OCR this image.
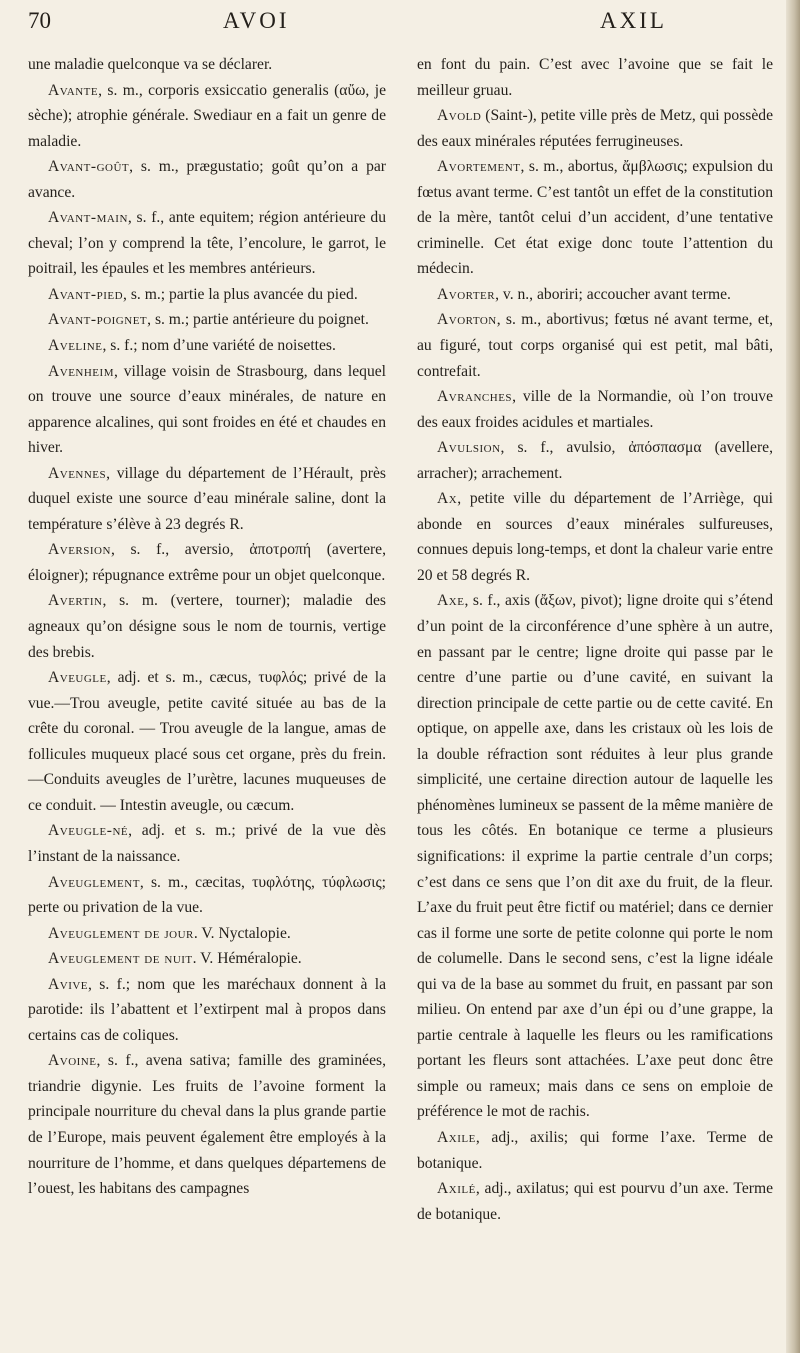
70	AVOI	AXIL

une maladie quelconque va se déclarer.

Avante, s. m., corporis exsiccatio generalis (αὔω, je sèche); atrophie générale. Swediaur en a fait un genre de maladie.

Avant-goût, s. m., prægustatio; goût qu’on a par avance.

Avant-main, s. f., ante equitem; région antérieure du cheval; l’on y comprend la tête, l’encolure, le garrot, le poitrail, les épaules et les membres antérieurs.

Avant-pied, s. m.; partie la plus avancée du pied.

Avant-poignet, s. m.; partie antérieure du poignet.

Aveline, s. f.; nom d’une variété de noisettes.

Avenheim, village voisin de Strasbourg, dans lequel on trouve une source d’eaux minérales, de nature en apparence alcalines, qui sont froides en été et chaudes en hiver.

Avennes, village du département de l’Hérault, près duquel existe une source d’eau minérale saline, dont la température s’élève à 23 degrés R.

Aversion, s. f., aversio, ἀποτροπή (avertere, éloigner); répugnance extrême pour un objet quelconque.

Avertin, s. m. (vertere, tourner); maladie des agneaux qu’on désigne sous le nom de tournis, vertige des brebis.

Aveugle, adj. et s. m., cæcus, τυφλός; privé de la vue.—Trou aveugle, petite cavité située au bas de la crête du coronal. — Trou aveugle de la langue, amas de follicules muqueux placé sous cet organe, près du frein.—Conduits aveugles de l’urètre, lacunes muqueuses de ce conduit. — Intestin aveugle, ou cæcum.

Aveugle-né, adj. et s. m.; privé de la vue dès l’instant de la naissance.

Aveuglement, s. m., cæcitas, τυφλότης, τύφλωσις; perte ou privation de la vue.

Aveuglement de jour. V. Nyctalopie.

Aveuglement de nuit. V. Héméralopie.

Avive, s. f.; nom que les maréchaux donnent à la parotide: ils l’abattent et l’extirpent mal à propos dans certains cas de coliques.

Avoine, s. f., avena sativa; famille des graminées, triandrie digynie. Les fruits de l’avoine forment la principale nourriture du cheval dans la plus grande partie de l’Europe, mais peuvent également être employés à la nourriture de l’homme, et dans quelques départemens de l’ouest, les habitans des campagnes

en font du pain. C’est avec l’avoine que se fait le meilleur gruau.

Avold (Saint-), petite ville près de Metz, qui possède des eaux minérales réputées ferrugineuses.

Avortement, s. m., abortus, ἄμβλωσις; expulsion du fœtus avant terme. C’est tantôt un effet de la constitution de la mère, tantôt celui d’un accident, d’une tentative criminelle. Cet état exige donc toute l’attention du médecin.

Avorter, v. n., aboriri; accoucher avant terme.

Avorton, s. m., abortivus; fœtus né avant terme, et, au figuré, tout corps organisé qui est petit, mal bâti, contrefait.

Avranches, ville de la Normandie, où l’on trouve des eaux froides acidules et martiales.

Avulsion, s. f., avulsio, ἀπόσπασμα (avellere, arracher); arrachement.

Ax, petite ville du département de l’Arriège, qui abonde en sources d’eaux minérales sulfureuses, connues depuis long-temps, et dont la chaleur varie entre 20 et 58 degrés R.

Axe, s. f., axis (ἄξων, pivot); ligne droite qui s’étend d’un point de la circonférence d’une sphère à un autre, en passant par le centre; ligne droite qui passe par le centre d’une partie ou d’une cavité, en suivant la direction principale de cette partie ou de cette cavité. En optique, on appelle axe, dans les cristaux où les lois de la double réfraction sont réduites à leur plus grande simplicité, une certaine direction autour de laquelle les phénomènes lumineux se passent de la même manière de tous les côtés. En botanique ce terme a plusieurs significations: il exprime la partie centrale d’un corps; c’est dans ce sens que l’on dit axe du fruit, de la fleur. L’axe du fruit peut être fictif ou matériel; dans ce dernier cas il forme une sorte de petite colonne qui porte le nom de columelle. Dans le second sens, c’est la ligne idéale qui va de la base au sommet du fruit, en passant par son milieu. On entend par axe d’un épi ou d’une grappe, la partie centrale à laquelle les fleurs ou les ramifications portant les fleurs sont attachées. L’axe peut donc être simple ou rameux; mais dans ce sens on emploie de préférence le mot de rachis.

Axile, adj., axilis; qui forme l’axe. Terme de botanique.

Axilé, adj., axilatus; qui est pourvu d’un axe. Terme de botanique.
